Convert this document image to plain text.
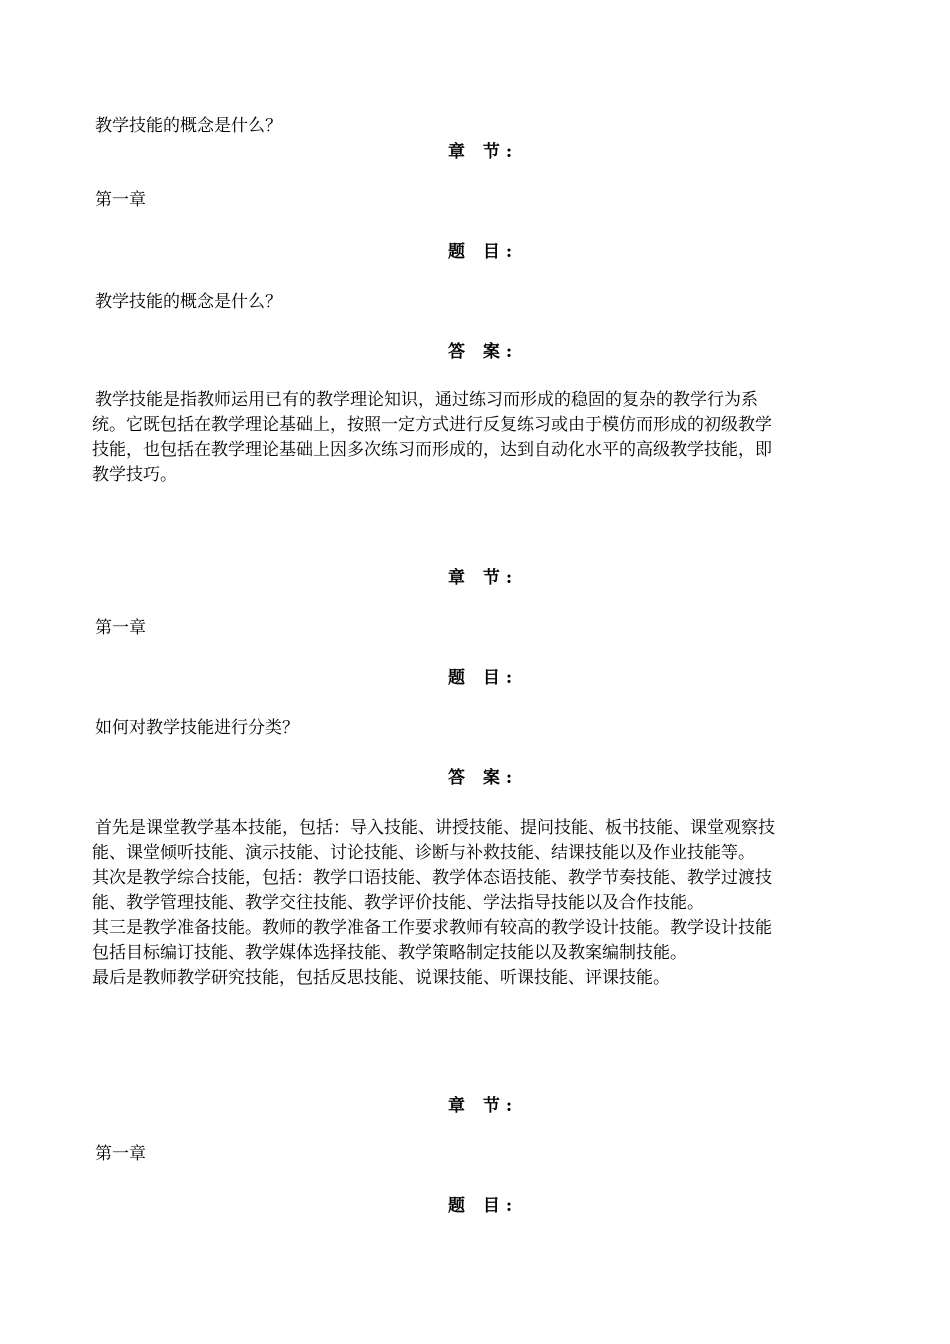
教学技能的概念是什么？
章 节:
第一章
题 目:
教学技能的概念是什么？
答 案:
教学技能是指教师运用已有的教学理论知识，通过练习而形成的稳固的复杂的教学行为系
统。它既包括在教学理论基础上，按照一定方式进行反复练习或由于模仿而形成的初级教学
技能，也包括在教学理论基础上因多次练习而形成的，达到自动化水平的高级教学技能，即
教学技巧。
章 节:
第一章
题 目:
如何对教学技能进行分类？
答 案:
首先是课堂教学基本技能，包括：导入技能、讲授技能、提问技能、板书技能、课堂观察技
能、课堂倾听技能、演示技能、讨论技能、诊断与补救技能、结课技能以及作业技能等。
其次是教学综合技能，包括：教学口语技能、教学体态语技能、教学节奏技能、教学过渡技
能、教学管理技能、教学交往技能、教学评价技能、学法指导技能以及合作技能。
其三是教学准备技能。教师的教学准备工作要求教师有较高的教学设计技能。教学设计技能
包括目标编订技能、教学媒体选择技能、教学策略制定技能以及教案编制技能。
最后是教师教学研究技能，包括反思技能、说课技能、听课技能、评课技能。
章 节:
第一章
题 目:
